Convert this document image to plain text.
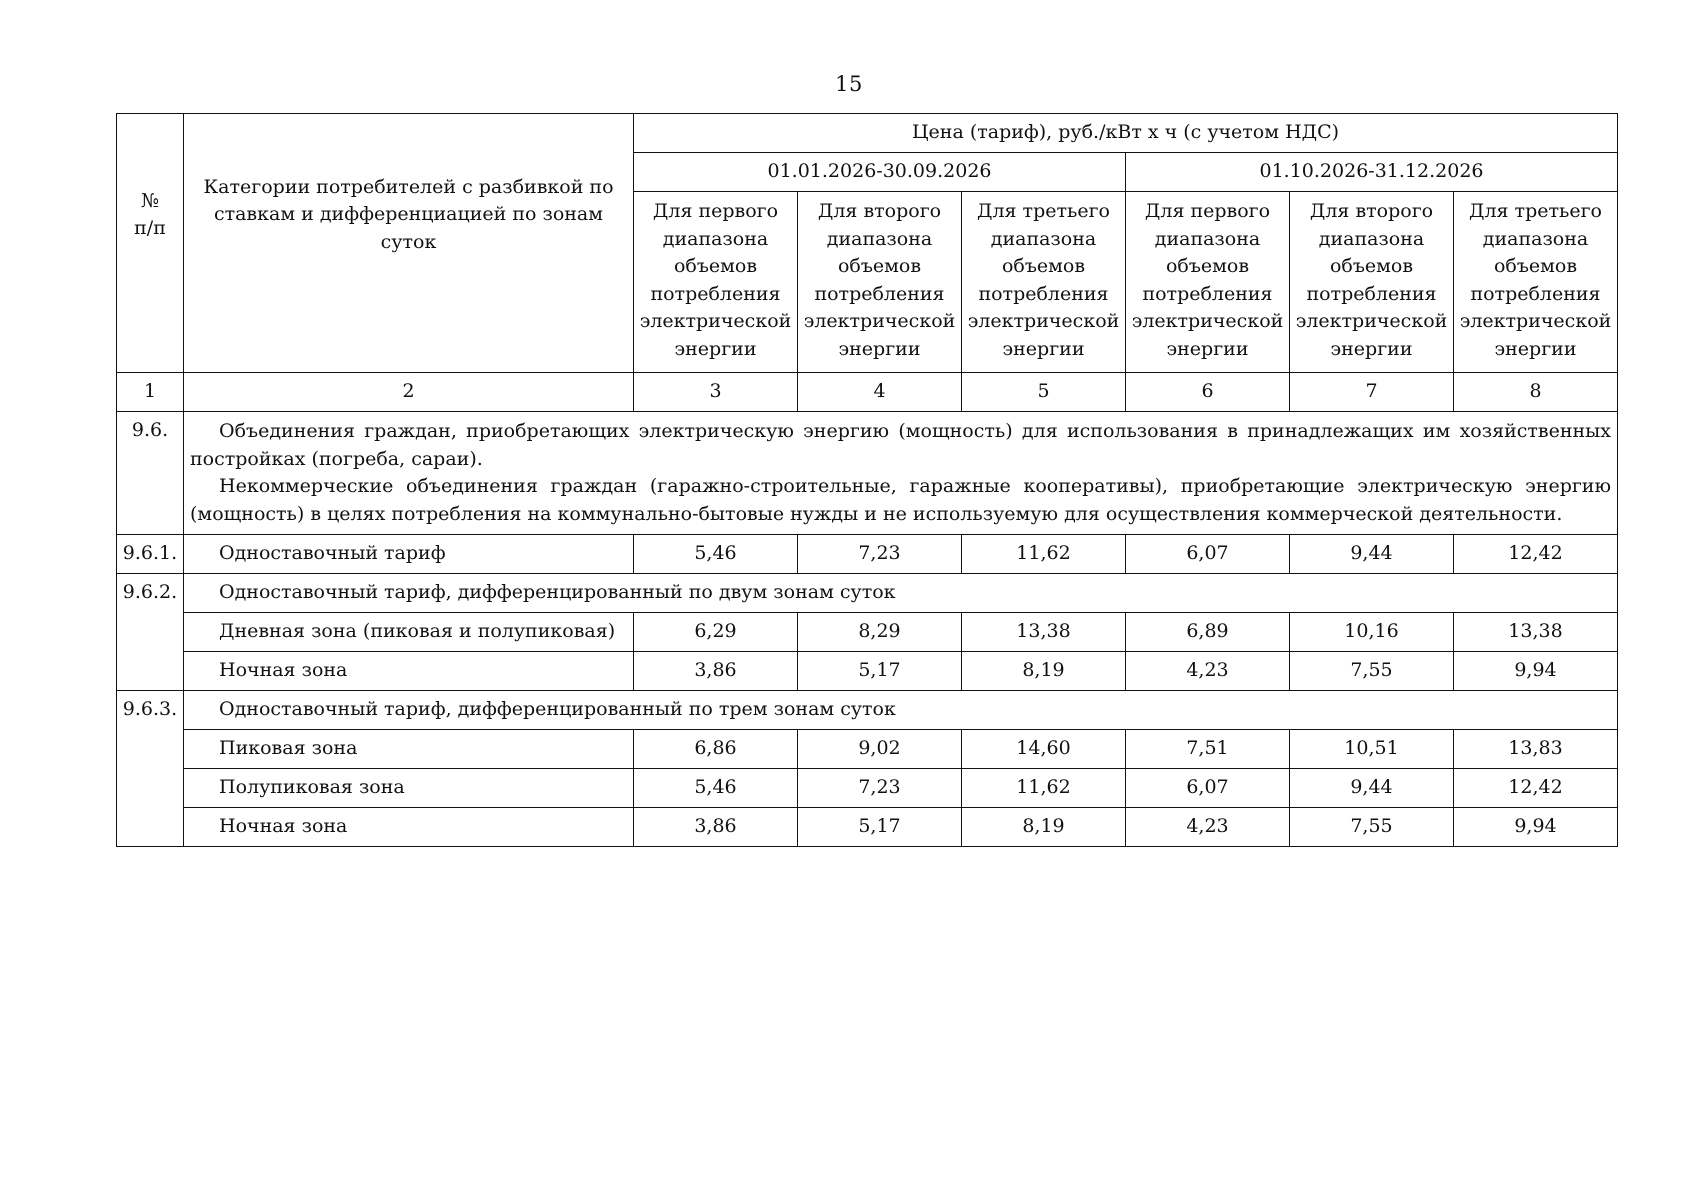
15
№
п/п	Категории потребителей с разбивкой по ставкам и дифференциацией по зонам суток	Цена (тариф), руб./кВт х ч (с учетом НДС)					
		01.01.2026-30.09.2026			01.10.2026-31.12.2026		
		Для первого диапазона объемов потребления электрической энергии	Для второго диапазона объемов потребления электрической энергии	Для третьего диапазона объемов потребления электрической энергии	Для первого диапазона объемов потребления электрической энергии	Для второго диапазона объемов потребления электрической энергии	Для третьего диапазона объемов потребления электрической энергии
1	2	3	4	5	6	7	8
9.6.	Объединения граждан, приобретающих электрическую энергию (мощность) для использования в принадлежащих им хозяйственных постройках (погреба, сараи).

Некоммерческие объединения граждан (гаражно-строительные, гаражные кооперативы), приобретающие электрическую энергию (мощность) в целях потребления на коммунально-бытовые нужды и не используемую для осуществления коммерческой деятельности.						

9.6.1.	Одноставочный тариф	5,46	7,23	11,62	6,07	9,44	12,42
9.6.2.	Одноставочный тариф, дифференцированный по двум зонам суток						
	Дневная зона (пиковая и полупиковая)	6,29	8,29	13,38	6,89	10,16	13,38
	Ночная зона	3,86	5,17	8,19	4,23	7,55	9,94
9.6.3.	Одноставочный тариф, дифференцированный по трем зонам суток						
	Пиковая зона	6,86	9,02	14,60	7,51	10,51	13,83
	Полупиковая зона	5,46	7,23	11,62	6,07	9,44	12,42
	Ночная зона	3,86	5,17	8,19	4,23	7,55	9,94
